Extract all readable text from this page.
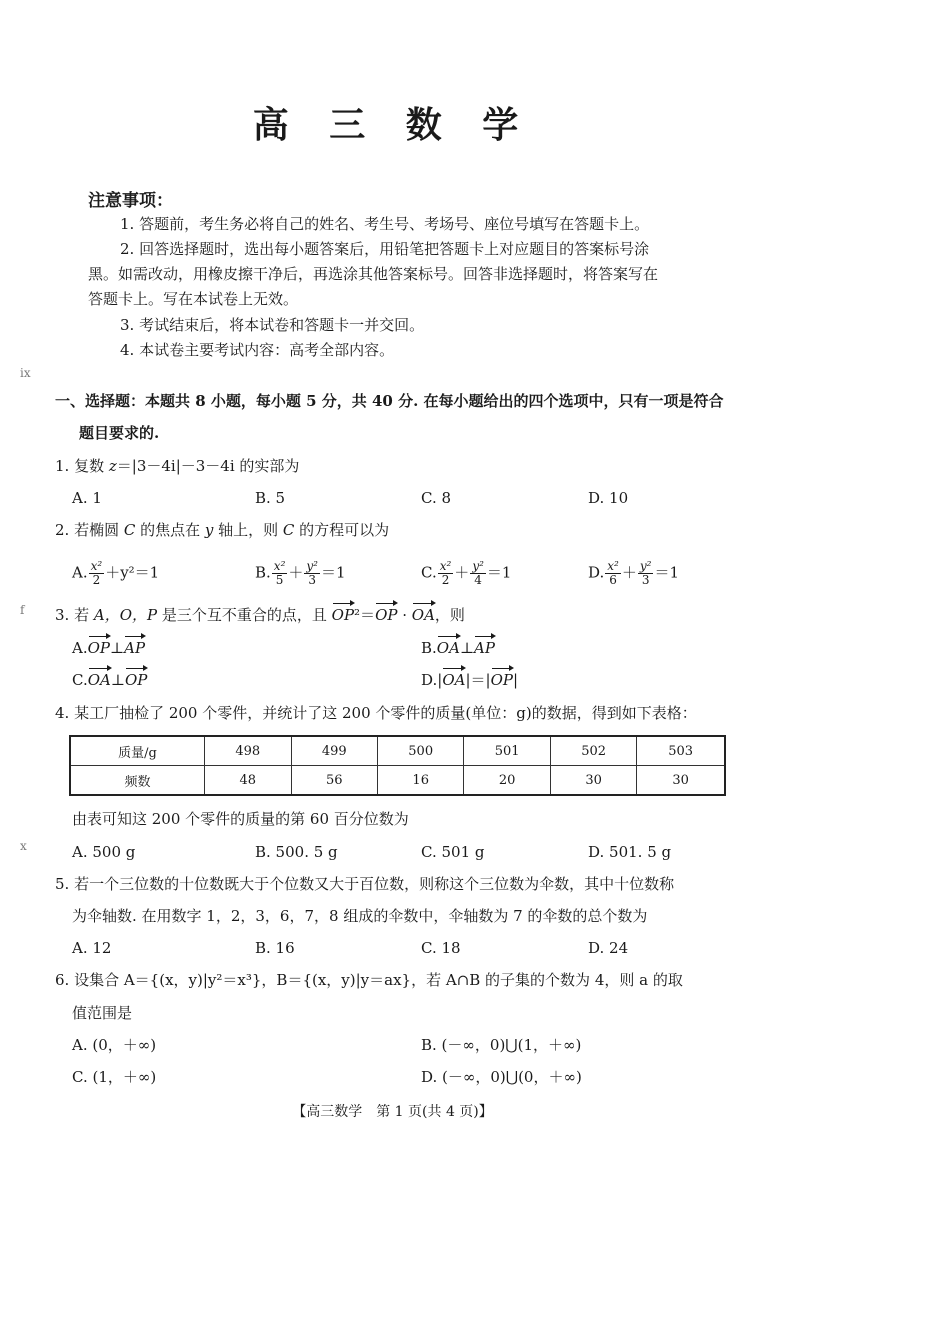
高 三 数 学
注意事项：
1. 答题前，考生务必将自己的姓名、考生号、考场号、座位号填写在答题卡上。
2. 回答选择题时，选出每小题答案后，用铅笔把答题卡上对应题目的答案标号涂
黑。如需改动，用橡皮擦干净后，再选涂其他答案标号。回答非选择题时，将答案写在
答题卡上。写在本试卷上无效。
3. 考试结束后，将本试卷和答题卡一并交回。
4. 本试卷主要考试内容：高考全部内容。
一、选择题：本题共 8 小题，每小题 5 分，共 40 分. 在每小题给出的四个选项中，只有一项是符合
题目要求的.
1. 复数 z＝|3－4i|－3－4i 的实部为
A. 1	B. 5	C. 8	D. 10
2. 若椭圆 C 的焦点在 y 轴上，则 C 的方程可以为
A. $\frac{\text{x²}}{2} +y^2=1$	B. $\frac{\text{x²}}{5} + \frac{\text{y²}}{3} =1$	C. $\frac{\text{x²}}{2} + \frac{\text{y²}}{4} =1$	D. $\frac{\text{x²}}{6} + \frac{\text{y²}}{3} =1$
3. 若 A，O，P 是三个互不重合的点，且 OP²＝OP · OA，则
A.OP⊥AP	B.OA⊥AP
C.OA⊥OP	D.|OA|＝|OP|
4. 某工厂抽检了 200 个零件，并统计了这 200 个零件的质量(单位：g)的数据，得到如下表格：
质量/g	498	499	500	501	502	503
频数	48	56	16	20	30	30
由表可知这 200 个零件的质量的第 60 百分位数为
A. 500 g	B. 500. 5 g	C. 501 g	D. 501. 5 g
5. 若一个三位数的十位数既大于个位数又大于百位数，则称这个三位数为伞数，其中十位数称
为伞轴数. 在用数字 1，2，3，6，7，8 组成的伞数中，伞轴数为 7 的伞数的总个数为
A. 12	B. 16	C. 18	D. 24
6. 设集合 A＝{(x，y)|y²＝x³}，B＝{(x，y)|y＝ax}，若 A∩B 的子集的个数为 4，则 a 的取
值范围是
A. (0，＋∞)	B. (－∞，0)⋃(1，＋∞)
C. (1，＋∞)	D. (－∞，0)⋃(0，＋∞)
【高三数学　第 1 页(共 4 页)】
ⅸ
f
ⅹ
